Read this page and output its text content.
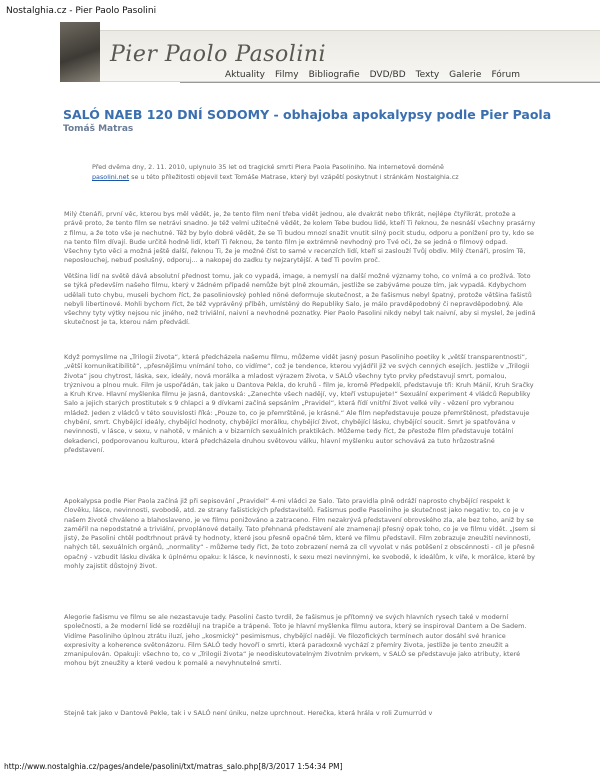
Nostalghia.cz - Pier Paolo Pasolini
Pier Paolo Pasolini
Aktuality Filmy Bibliografie DVD/BD Texty Galerie Fórum
SALÓ NAEB 120 DNÍ SODOMY - obhajoba apokalypsy podle Pier Paola
Tomáš Matras
Před dvěma dny, 2. 11. 2010, uplynulo 35 let od tragické smrti Piera Paola Pasoliniho. Na internetové doméně
pasolini.net se u této příležitosti objevil text Tomáše Matrase, který byl vzápětí poskytnut i stránkám Nostalghia.cz

Milý čtenáři, první věc, kterou bys měl vědět, je, že tento film není třeba vidět jednou, ale dvakrát nebo třikrát, nejlépe čtyřikrát, protože a právě proto, že tento film se netrávi snadno. Je též velmi užitečné vědět, že kolem Tebe budou lidé, kteří Ti řeknou, že nesnáší všechny prasárny z filmu, a že toto vše je nechutné. Též by bylo dobré vědět, že se Ti budou mnozí snažit vnutit silný pocit studu, odporu a ponížení pro ty, kdo se na tento film dívají. Bude určitě hodně lidí, kteří Ti řeknou, že tento film je extrémně nevhodný pro Tvé oči, že se jedná o filmový odpad. Všechny tyto věci a možná ještě další, řeknou Ti, že je možné číst to samé v recenzích lidí, kteří si zaslouží Tvůj obdiv. Milý čtenáři, prosím Tě, neposlouchej, nebuď poslušný, odporuj... a nakopej do zadku ty nejzarytější. A teď Ti povím proč.

Většina lidí na světě dává absolutní přednost tomu, jak co vypadá, image, a nemyslí na další možné významy toho, co vnímá a co prožívá. Toto se týká především našeho filmu, který v žádném případě nemůže být plně zkoumán, jestliže se zabýváme pouze tím, jak vypadá. Kdybychom udělali tuto chybu, museli bychom říct, že pasoliniovský pohled nöné deformuje skutečnost, a že fašismus nebyl špatný, protože většina fašistů nebyli libertinové. Mohli bychom říct, že též vyprávěný příběh, umístěný do Republiky Salo, je málo pravděpodobný či nepravděpodobný. Ale všechny tyty výtky nejsou nic jiného, než triviální, naivní a nevhodné poznatky. Pier Paolo Pasolini nikdy nebyl tak naivní, aby si myslel, že jediná skutečnost je ta, kterou nám předvádí.

Když pomyslíme na „Trilogii života“, která předcházela našemu filmu, můžeme vidět jasný posun Pasoliniho poetiky k „větší transparentnosti“, „větší komunikatibilitě“, „přesnějšímu vnímání toho, co vidíme“, což je tendence, kterou vyjádřil již ve svých cenných esejích. Jestliže v „Trilogii života“ jsou chytrost, láska, sex, ideály, nová morálka a mladost výrazem života, v SALÓ všechny tyto prvky představují smrt, pomalou, trýznivou a plnou muk. Film je uspořádán, tak jako u Dantova Pekla, do kruhů - film je, kromě Předpeklí, představuje tři: Kruh Mánií, Kruh Sračky a Kruh Krve. Hlavní myšlenka filmu je jasná, dantovská: „Zanechte všech nadějí, vy, kteří vstupujete!“ Sexuální experiment 4 vládců Republiky Salo a jejich starých prostitutek s 9 chlapci a 9 dívkami začíná sepsáním „Pravidel“, která řídí vnitřní život velké vily - vězení pro vybranou mládež. Jeden z vládců v této souvislosti říká: „Pouze to, co je přemrštěné, je krásné.“ Ale film nepředstavuje pouze přemrštěnost, představuje chybění, smrt. Chybějící ideály, chybějící hodnoty, chybějící morálku, chybějící život, chybějící lásku, chybějící soucit. Smrt je spatřována v nevinnosti, v lásce, v sexu, v nahotě, v mánich a v bizarních sexuálních praktikách. Můžeme tedy říct, že přestože film představuje totální dekadenci, podporovanou kulturou, která předcházela druhou světovou válku, hlavní myšlenku autor schovává za tuto hrůzostrašné představení.

Apokalypsa podle Pier Paola začíná již při sepisování „Pravidel“ 4-mi vládci ze Salo. Tato pravidla plně odráží naprosto chybějící respekt k člověku, lásce, nevinnosti, svobodě, atd. ze strany fašistických představitelů. Fašismus podle Pasoliniho je skutečnost jako negativ: to, co je v našem životě chváleno a blahoslaveno, je ve filmu ponižováno a zatraceno. Film nezakrývá představení obrovského zla, ale bez toho, aniž by se zaměřil na nepodstatné a triviální, prvoplánové detaily. Tato přehnaná představení ale znamenají přesný opak toho, co je ve filmu vidět. „Jsem si jistý, že Pasolini chtěl podtrhnout právě ty hodnoty, které jsou přesně opačné těm, které ve filmu představil. Film zobrazuje zneužití nevinnosti, nahých těl, sexuálních orgánů, „normality“ - můžeme tedy říct, že toto zobrazení nemá za cíl vyvolat v nás potěšení z obscénnosti - cíl je přesně opačný - vzbudit lásku diváka k úplnému opaku: k lásce, k nevinnosti, k sexu mezi nevinnými, ke svobodě, k ideálům, k víře, k morálce, které by mohly zajistit důstojný život.

Alegorie fašismu ve filmu se ale nezastavuje tady. Pasolini často tvrdil, že fašismus je přítomný ve svých hlavních rysech také v moderní společnosti, a že moderní lidé se rozdělují na trapiče a trápené. Toto je hlavní myšlenka filmu autora, který se inspiroval Dantem a De Sadem. Vidíme Pasoliniho úplnou ztrátu iluzí, jeho „kosmický“ pesimismus, chybějící naději. Ve filozofických termínech autor dosáhl své hranice expresivity a koherence světonázoru. Film SALÓ tedy hovoří o smrti, která paradoxně vychází z přemíry života, jestliže je tento zneužit a zmanipulován. Opakuji: všechno to, co v „Trilogii života“ je neodiskutovatelným životním prvkem, v SALÓ se představuje jako atributy, které mohou být zneužity a které vedou k pomalé a nevyhnutelné smrti.

Stejně tak jako v Dantově Pekle, tak i v SALÓ není úniku, nelze uprchnout. Herečka, která hrála v roli Zumurrúd v

http://www.nostalghia.cz/pages/andele/pasolini/txt/matras_salo.php[8/3/2017 1:54:34 PM]
